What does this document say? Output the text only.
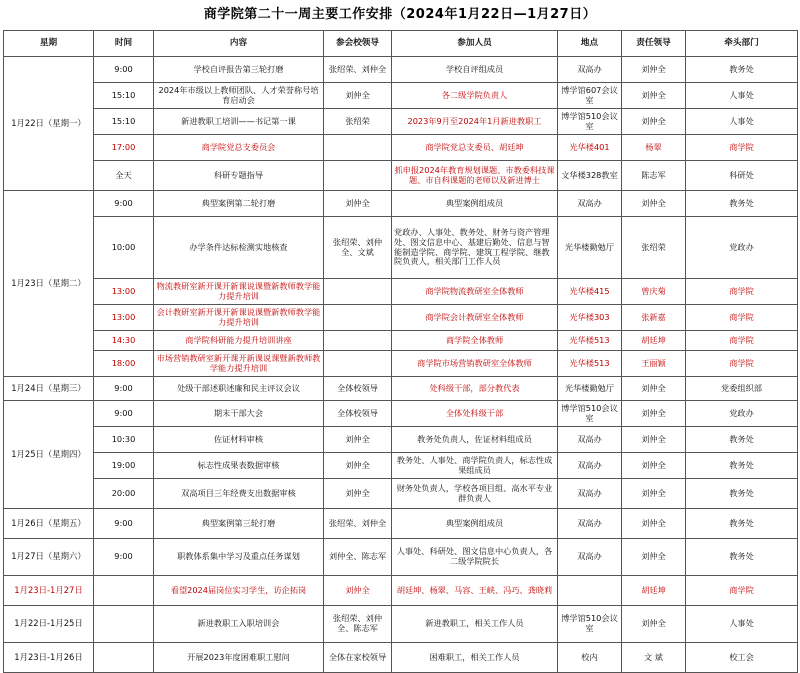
商学院第二十一周主要工作安排（2024年1月22日—1月27日）
星期	时间	内容	参会校领导	参加人员	地点	责任领导	牵头部门
1月22日（星期一）	9:00	学校自评报告第三轮打磨	张绍荣、刘仲全	学校自评组成员	双高办	刘仲全	教务处
	15:10	2024年市级以上教师团队、人才荣誉称号培育启动会	刘仲全	各二级学院负责人	博学馆607会议室	刘仲全	人事处
	15:10	新进教职工培训——书记第一课	张绍荣	2023年9月至2024年1月新进教职工	博学馆510会议室	刘仲全	人事处
	17:00	商学院党总支委员会		商学院党总支委员、胡廷坤	光华楼401	杨翠	商学院
	全天	科研专题指导		抓申报2024年教育规划课题、市教委科技课题、市自科课题的老师以及新进博士	文华楼328教室	陈志军	科研处
1月23日（星期二）	9:00	典型案例第二轮打磨	刘仲全	典型案例组成员	双高办	刘仲全	教务处
	10:00	办学条件达标检测实地核查	张绍荣、刘仲全、文斌	党政办、人事处、教务处、财务与资产管理处、图文信息中心、基建后勤处、信息与智能制造学院、商学院、建筑工程学院、继教院负责人，相关部门工作人员	光华楼勤勉厅	张绍荣	党政办
	13:00	物流教研室新开课开新课说课暨新教师教学能力提升培训		商学院物流教研室全体教师	光华楼415	曾庆菊	商学院
	13:00	会计教研室新开课开新课说课暨新教师教学能力提升培训		商学院会计教研室全体教师	光华楼303	张新嘉	商学院
	14:30	商学院科研能力提升培训讲座		商学院全体教师	光华楼513	胡廷坤	商学院
	18:00	市场营销教研室新开课开新课说课暨新教师教学能力提升培训		商学院市场营销教研室全体教师	光华楼513	王丽颖	商学院
1月24日（星期三）	9:00	处级干部述职述廉和民主评议会议	全体校领导	处科级干部，部分教代表	光华楼勤勉厅	刘仲全	党委组织部
1月25日（星期四）	9:00	期末干部大会	全体校领导	全体处科级干部	博学馆510会议室	刘仲全	党政办
	10:30	佐证材料审核	刘仲全	教务处负责人，佐证材料组成员	双高办	刘仲全	教务处
	19:00	标志性成果表数据审核	刘仲全	教务处、人事处、商学院负责人，标志性成果组成员	双高办	刘仲全	教务处
	20:00	双高项目三年经费支出数据审核	刘仲全	财务处负责人，学校各项目组、高水平专业群负责人	双高办	刘仲全	教务处
1月26日（星期五）	9:00	典型案例第三轮打磨	张绍荣、刘仲全	典型案例组成员	双高办	刘仲全	教务处
1月27日（星期六）	9:00	职教体系集中学习及重点任务谋划	刘仲全、陈志军	人事处、科研处、图文信息中心负责人，各二级学院院长	双高办	刘仲全	教务处
1月23日-1月27日		看望2024届岗位实习学生，访企拓岗	刘仲全	胡廷坤、杨翠、马容、王峡、冯巧、龚晓莉		胡廷坤	商学院
1月22日-1月25日		新进教职工入职培训会	张绍荣、刘仲全、陈志军	新进教职工，相关工作人员	博学馆510会议室	刘仲全	人事处
1月23日-1月26日		开展2023年度困难职工慰问	全体在家校领导	困难职工，相关工作人员	校内	文 斌	校工会
